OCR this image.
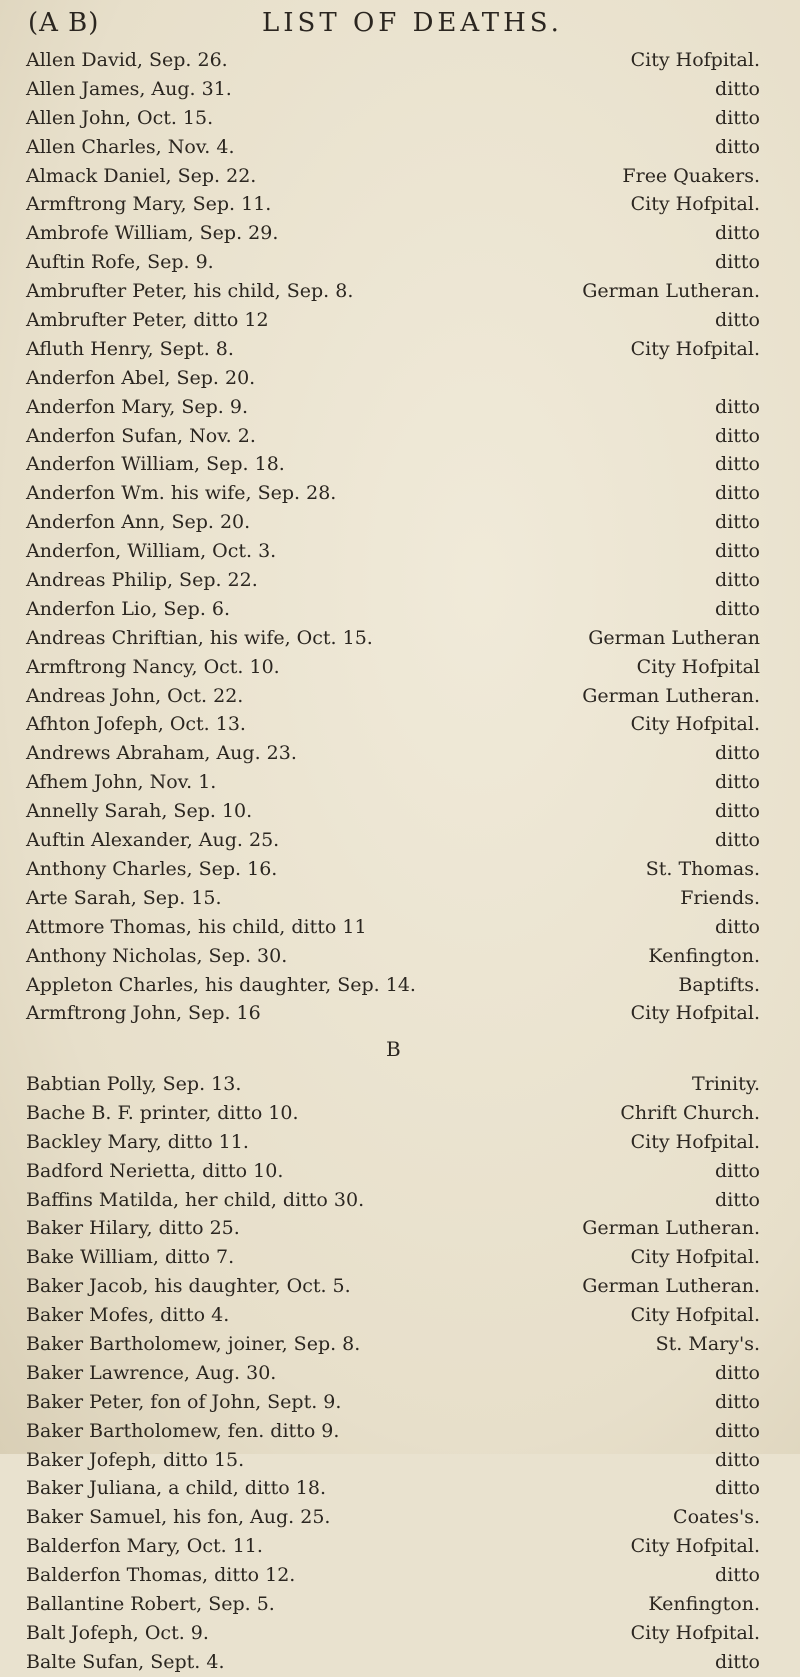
(A B)	LIST OF DEATHS.
Allen David, Sep. 26.	City Hofpital.
Allen James, Aug. 31.	ditto
Allen John, Oct. 15.	ditto
Allen Charles, Nov. 4.	ditto
Almack Daniel, Sep. 22.	Free Quakers.
Armftrong Mary, Sep. 11.	City Hofpital.
Ambrofe William, Sep. 29.	ditto
Auftin Rofe, Sep. 9.	ditto
Ambrufter Peter, his child, Sep. 8.	German Lutheran.
Ambrufter Peter, ditto 12	ditto
Afluth Henry, Sept. 8.	City Hofpital.
Anderfon Abel, Sep. 20.
Anderfon Mary, Sep. 9.	ditto
Anderfon Sufan, Nov. 2.	ditto
Anderfon William, Sep. 18.	ditto
Anderfon Wm. his wife, Sep. 28.	ditto
Anderfon Ann, Sep. 20.	ditto
Anderfon, William, Oct. 3.	ditto
Andreas Philip, Sep. 22.	ditto
Anderfon Lio, Sep. 6.	ditto
Andreas Chriftian, his wife, Oct. 15.	German Lutheran
Armftrong Nancy, Oct. 10.	City Hofpital
Andreas John, Oct. 22.	German Lutheran.
Afhton Jofeph, Oct. 13.	City Hofpital.
Andrews Abraham, Aug. 23.	ditto
Afhem John, Nov. 1.	ditto
Annelly Sarah, Sep. 10.	ditto
Auftin Alexander, Aug. 25.	ditto
Anthony Charles, Sep. 16.	St. Thomas.
Arte Sarah, Sep. 15.	Friends.
Attmore Thomas, his child, ditto 11	ditto
Anthony Nicholas, Sep. 30.	Kenfington.
Appleton Charles, his daughter, Sep. 14.	Baptifts.
Armftrong John, Sep. 16	City Hofpital.
B
Babtian Polly, Sep. 13.	Trinity.
Bache B. F. printer, ditto 10.	Chrift Church.
Backley Mary, ditto 11.	City Hofpital.
Badford Nerietta, ditto 10.	ditto
Baffins Matilda, her child, ditto 30.	ditto
Baker Hilary, ditto 25.	German Lutheran.
Bake William, ditto 7.	City Hofpital.
Baker Jacob, his daughter, Oct. 5.	German Lutheran.
Baker Mofes, ditto 4.	City Hofpital.
Baker Bartholomew, joiner, Sep. 8.	St. Mary's.
Baker Lawrence, Aug. 30.	ditto
Baker Peter, fon of John, Sept. 9.	ditto
Baker Bartholomew, fen. ditto 9.	ditto
Baker Jofeph, ditto 15.	ditto
Baker Juliana, a child, ditto 18.	ditto
Baker Samuel, his fon, Aug. 25.	Coates's.
Balderfon Mary, Oct. 11.	City Hofpital.
Balderfon Thomas, ditto 12.	ditto
Ballantine Robert, Sep. 5.	Kenfington.
Balt Jofeph, Oct. 9.	City Hofpital.
Balte Sufan, Sept. 4.	ditto
